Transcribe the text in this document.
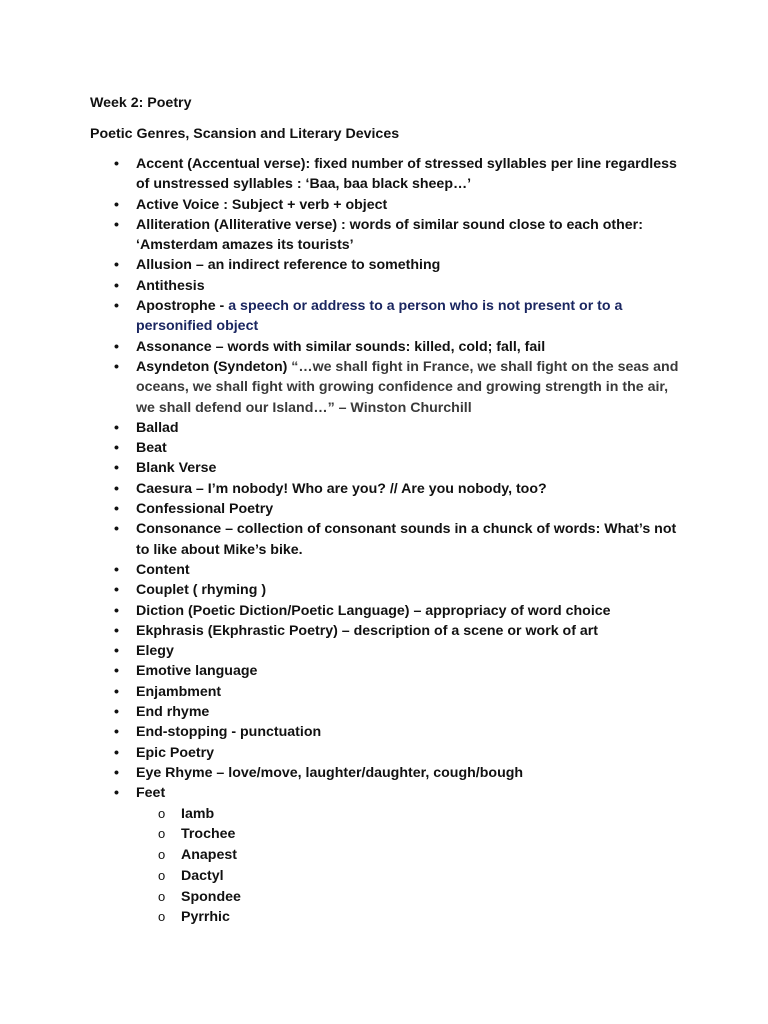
Week 2: Poetry

Poetic Genres, Scansion and Literary Devices

•	Accent (Accentual verse): fixed number of stressed syllables per line regardless of unstressed syllables : ‘Baa, baa black sheep…’
•	Active Voice : Subject + verb + object
•	Alliteration (Alliterative verse) : words of similar sound close to each other: ‘Amsterdam amazes its tourists’
•	Allusion – an indirect reference to something
•	Antithesis
•	Apostrophe - a speech or address to a person who is not present or to a personified object
•	Assonance – words with similar sounds: killed, cold; fall, fail
•	Asyndeton (Syndeton) “…we shall fight in France, we shall fight on the seas and oceans, we shall fight with growing confidence and growing strength in the air, we shall defend our Island…” – Winston Churchill
•	Ballad
•	Beat
•	Blank Verse
•	Caesura – I’m nobody! Who are you? // Are you nobody, too?
•	Confessional Poetry
•	Consonance – collection of consonant sounds in a chunck of words: What’s not to like about Mike’s bike.
•	Content
•	Couplet ( rhyming )
•	Diction (Poetic Diction/Poetic Language) – appropriacy of word choice
•	Ekphrasis (Ekphrastic Poetry) – description of a scene or work of art
•	Elegy
•	Emotive language
•	Enjambment
•	End rhyme
•	End-stopping - punctuation
•	Epic Poetry
•	Eye Rhyme – love/move, laughter/daughter, cough/bough
•	Feet
o Iamb
o Trochee
o Anapest
o Dactyl
o Spondee
o Pyrrhic
